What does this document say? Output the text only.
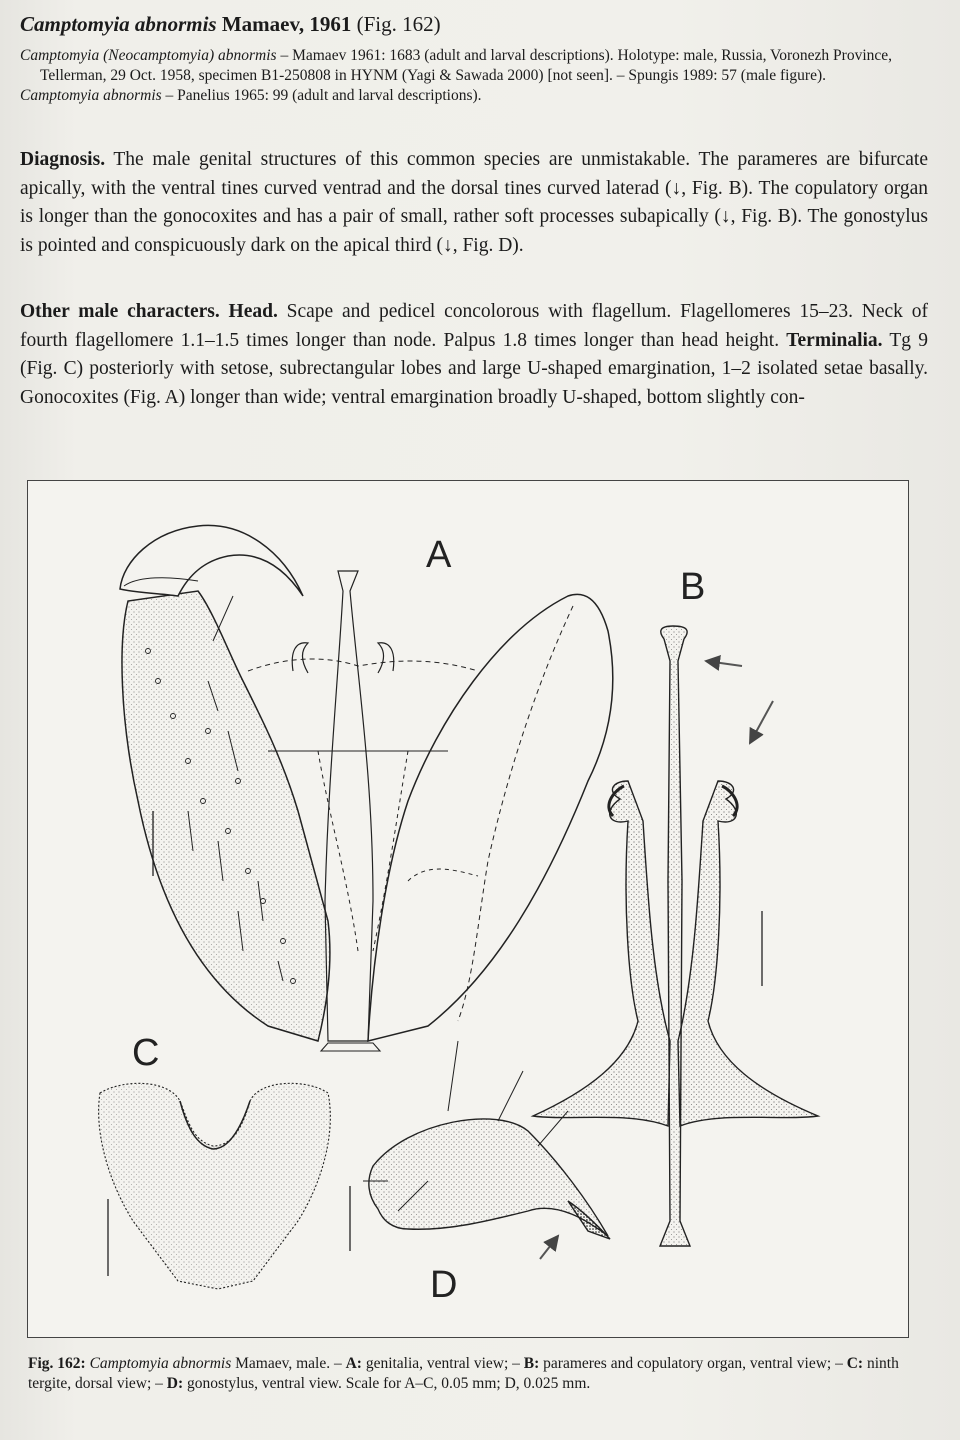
Camptomyia abnormis Mamaev, 1961 (Fig. 162)

Camptomyia (Neocamptomyia) abnormis – Mamaev 1961: 1683 (adult and larval descriptions). Holotype: male, Russia, Voronezh Province, Tellerman, 29 Oct. 1958, specimen B1-250808 in HYNM (Yagi & Sawada 2000) [not seen]. – Spungis 1989: 57 (male figure).

Camptomyia abnormis – Panelius 1965: 99 (adult and larval descriptions).

Diagnosis. The male genital structures of this common species are unmistakable. The parameres are bifurcate apically, with the ventral tines curved ventrad and the dorsal tines curved laterad (↓, Fig. B). The copulatory organ is longer than the gonocoxites and has a pair of small, rather soft processes subapically (↓, Fig. B). The gonostylus is pointed and conspicuously dark on the apical third (↓, Fig. D).
Other male characters. Head. Scape and pedicel concolorous with flagellum. Flagellomeres 15–23. Neck of fourth flagellomere 1.1–1.5 times longer than node. Palpus 1.8 times longer than head height. Terminalia. Tg 9 (Fig. C) posteriorly with setose, subrectangular lobes and large U-shaped emargination, 1–2 isolated setae basally. Gonocoxites (Fig. A) longer than wide; ventral emargination broadly U-shaped, bottom slightly con-
A
B
C
D
Fig. 162: Camptomyia abnormis Mamaev, male. – A: genitalia, ventral view; – B: parameres and copulatory organ, ventral view; – C: ninth tergite, dorsal view; – D: gonostylus, ventral view. Scale for A–C, 0.05 mm; D, 0.025 mm.
